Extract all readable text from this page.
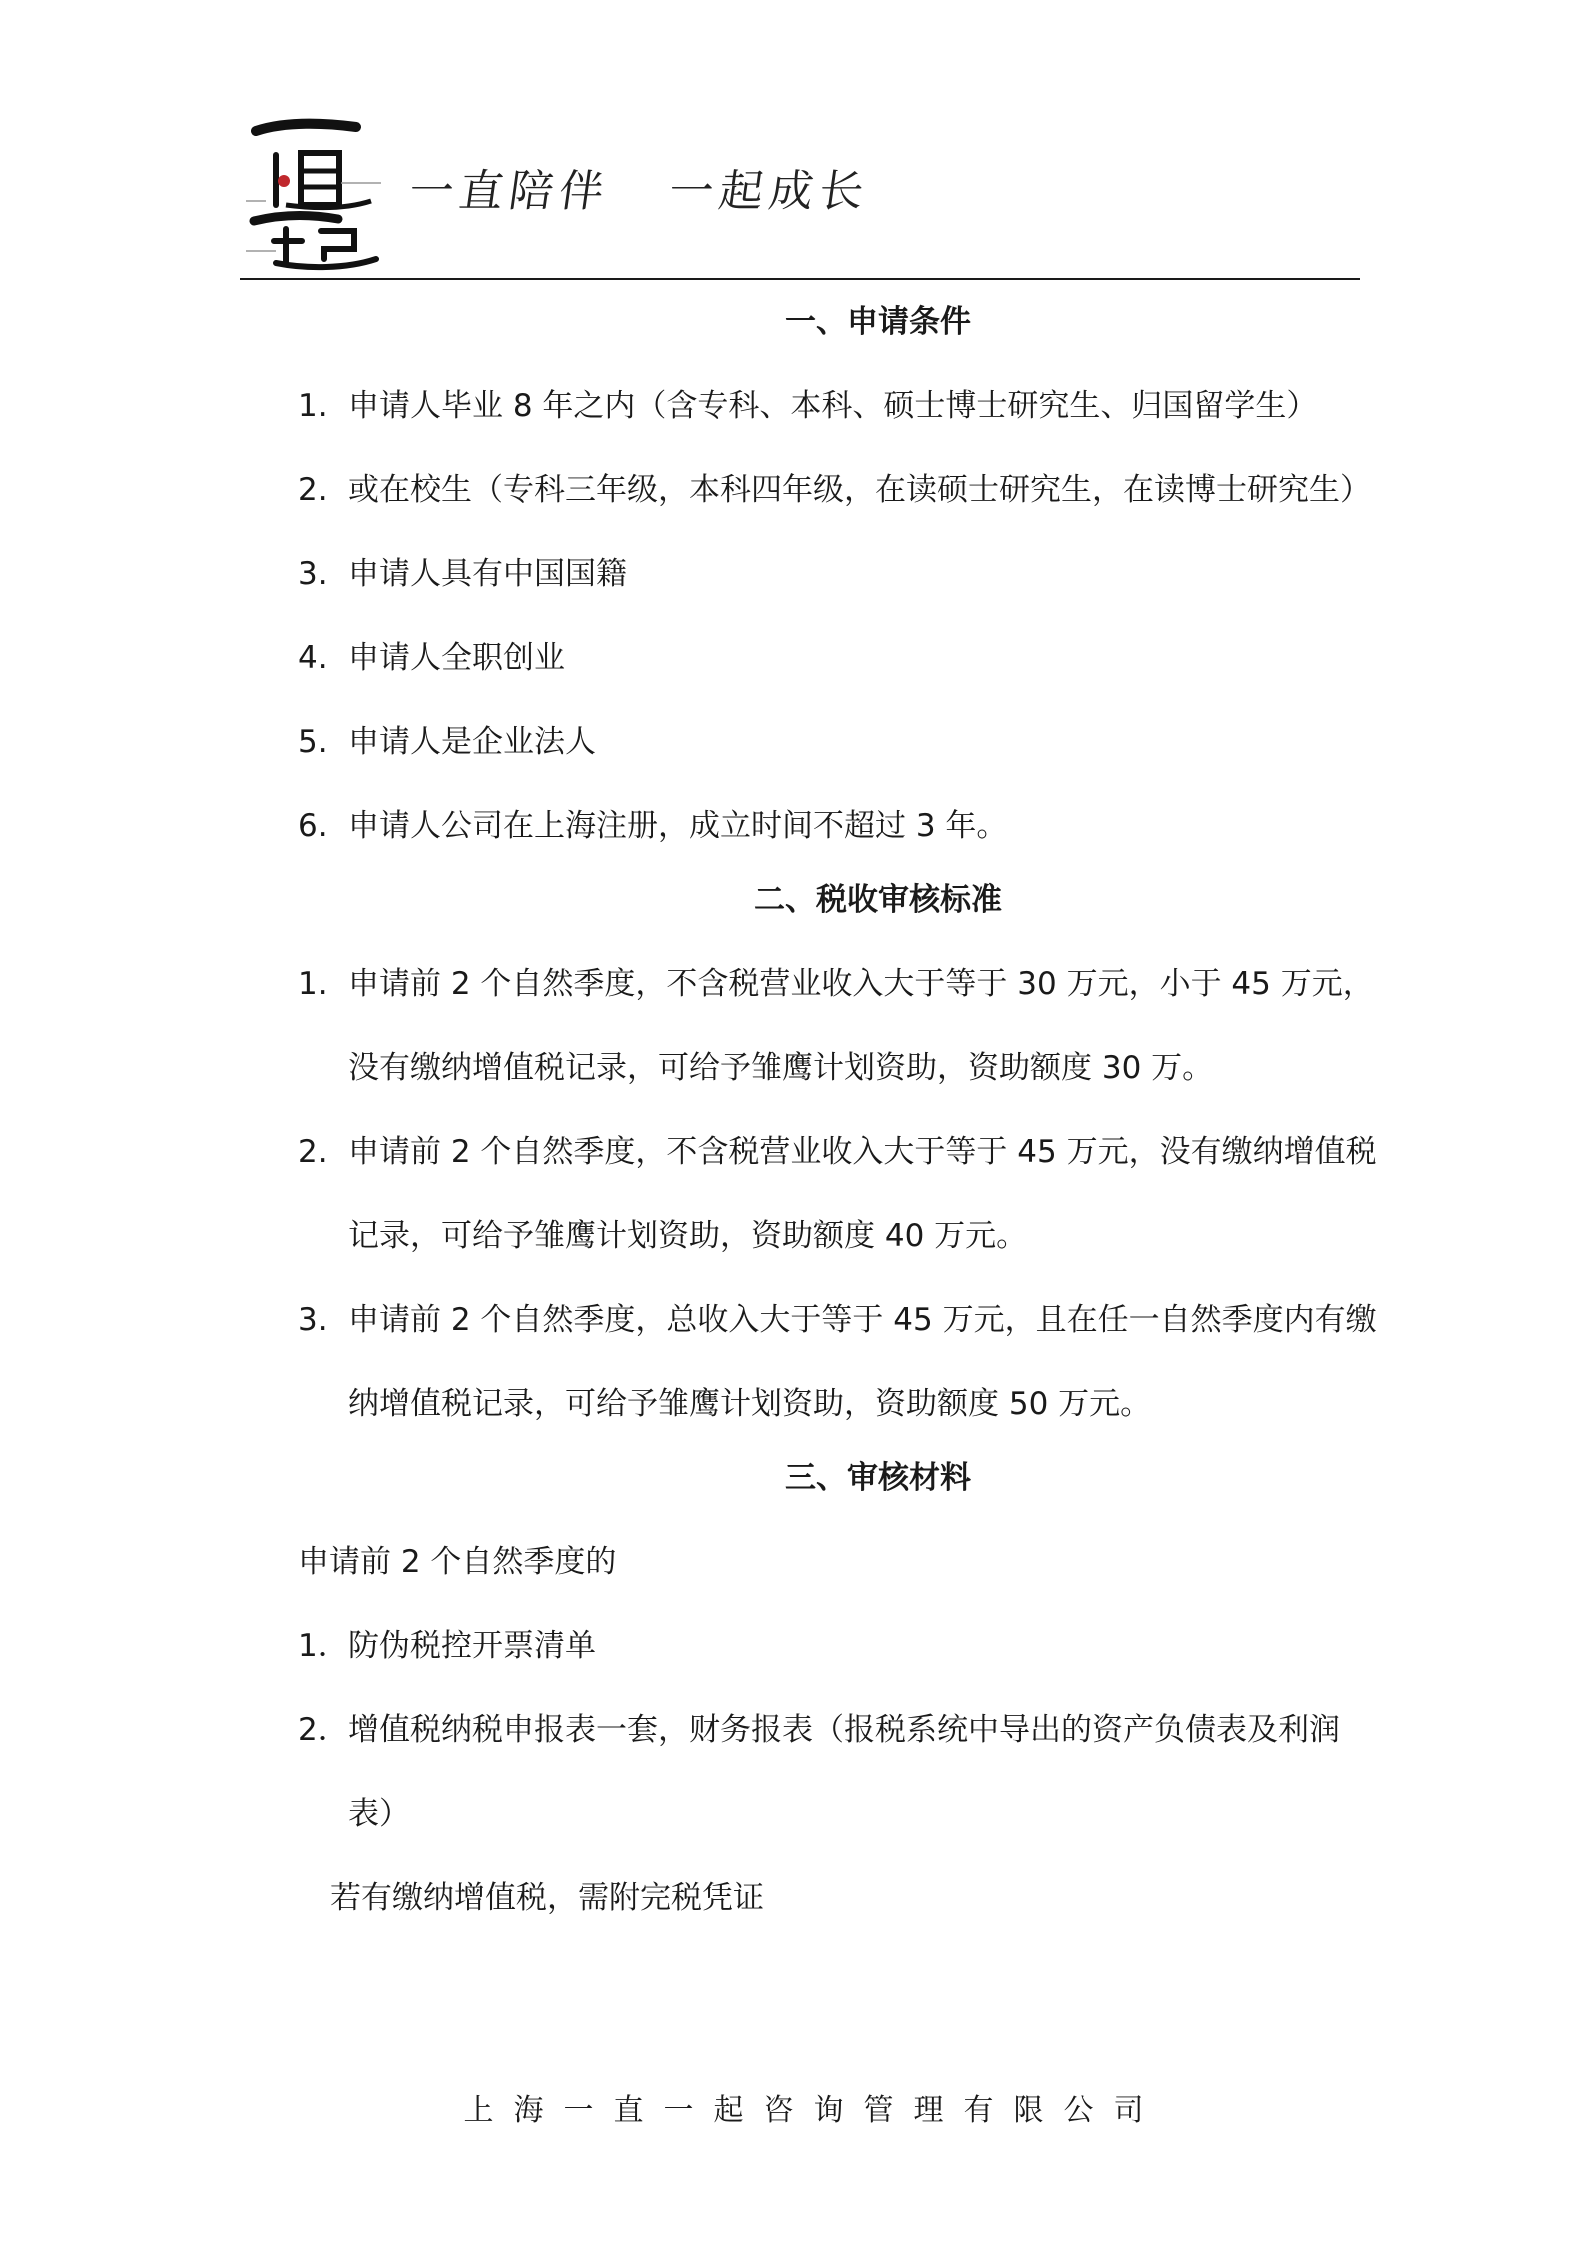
一直陪伴   一起成长
一、申请条件
1. 申请人毕业 8 年之内（含专科、本科、硕士博士研究生、归国留学生）
2. 或在校生（专科三年级，本科四年级，在读硕士研究生，在读博士研究生）
3. 申请人具有中国国籍
4. 申请人全职创业
5. 申请人是企业法人
6. 申请人公司在上海注册，成立时间不超过 3 年。
二、税收审核标准
1. 申请前 2 个自然季度，不含税营业收入大于等于 30 万元，小于 45 万元，没有缴纳增值税记录，可给予雏鹰计划资助，资助额度 30 万。
2. 申请前 2 个自然季度，不含税营业收入大于等于 45 万元，没有缴纳增值税记录，可给予雏鹰计划资助，资助额度 40 万元。
3. 申请前 2 个自然季度，总收入大于等于 45 万元，且在任一自然季度内有缴纳增值税记录，可给予雏鹰计划资助，资助额度 50 万元。
三、审核材料
申请前 2 个自然季度的
1． 防伪税控开票清单
2． 增值税纳税申报表一套，财务报表（报税系统中导出的资产负债表及利润表）
若有缴纳增值税，需附完税凭证
上海一直一起咨询管理有限公司
